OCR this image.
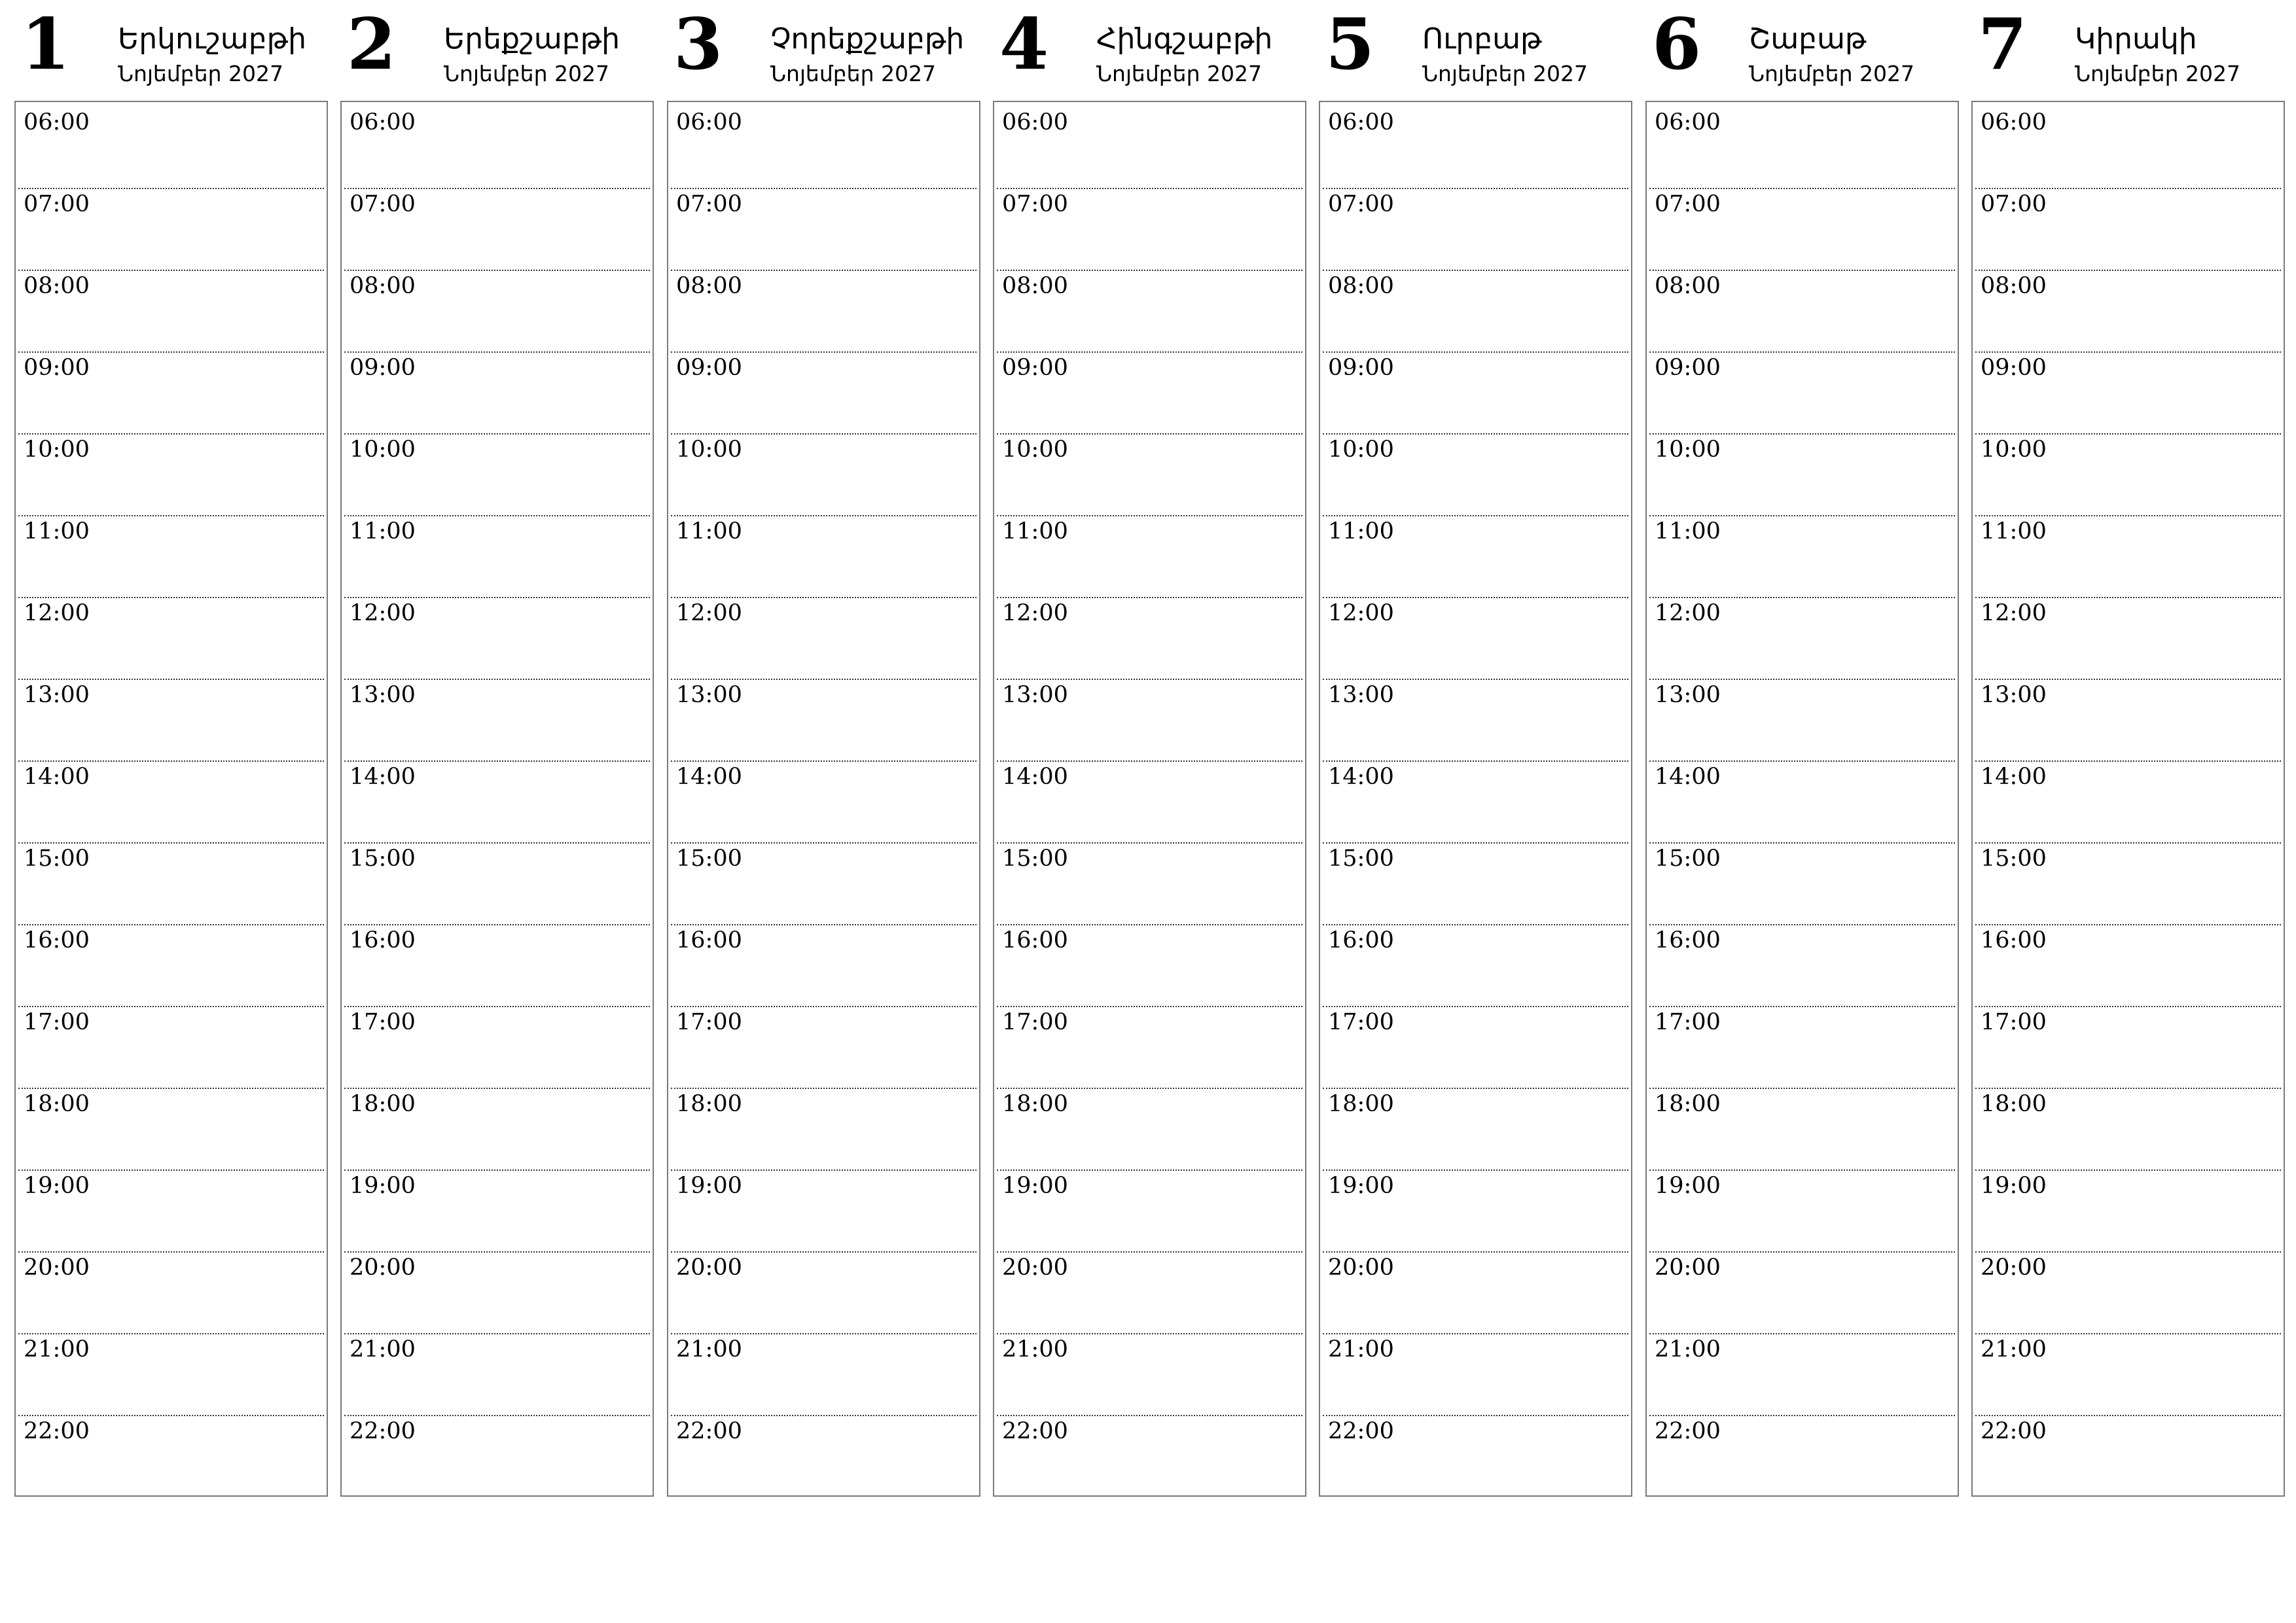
1 Երկուշաբթի
Նոյեմբեր 2027
06:00
07:00
08:00
09:00
10:00
11:00
12:00
13:00
14:00
15:00
16:00
17:00
18:00
19:00
20:00
21:00
22:00
2 Երեքշաբթի
Նոյեմբեր 2027
06:00
07:00
08:00
09:00
10:00
11:00
12:00
13:00
14:00
15:00
16:00
17:00
18:00
19:00
20:00
21:00
22:00
3 Չորեքշաբթի
Նոյեմբեր 2027
06:00
07:00
08:00
09:00
10:00
11:00
12:00
13:00
14:00
15:00
16:00
17:00
18:00
19:00
20:00
21:00
22:00
4 Հինգշաբթի
Նոյեմբեր 2027
06:00
07:00
08:00
09:00
10:00
11:00
12:00
13:00
14:00
15:00
16:00
17:00
18:00
19:00
20:00
21:00
22:00
5 Ուրբաթ
Նոյեմբեր 2027
06:00
07:00
08:00
09:00
10:00
11:00
12:00
13:00
14:00
15:00
16:00
17:00
18:00
19:00
20:00
21:00
22:00
6 Շաբաթ
Նոյեմբեր 2027
06:00
07:00
08:00
09:00
10:00
11:00
12:00
13:00
14:00
15:00
16:00
17:00
18:00
19:00
20:00
21:00
22:00
7 Կիրակի
Նոյեմբեր 2027
06:00
07:00
08:00
09:00
10:00
11:00
12:00
13:00
14:00
15:00
16:00
17:00
18:00
19:00
20:00
21:00
22:00
